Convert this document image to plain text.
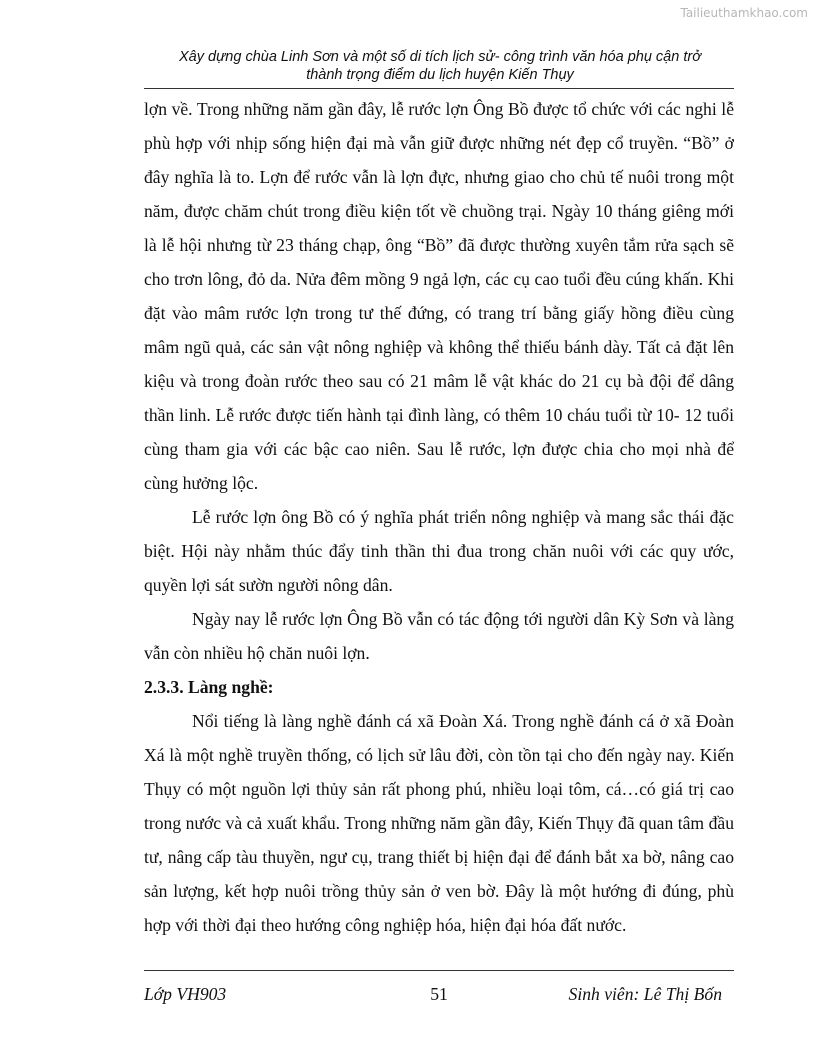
Tailieuthamkhao.com
Xây dựng chùa Linh Sơn và một số di tích lịch sử- công trình văn hóa phụ cận trở
thành trọng điểm du lịch huyện Kiến Thụy

lợn về. Trong những năm gần đây, lễ rước lợn Ông Bồ được tổ chức với các nghi lễ phù hợp với nhịp sống hiện đại mà vẫn giữ được những nét đẹp cổ truyền. “Bồ” ở đây nghĩa là to. Lợn để rước vẫn là lợn đực, nhưng giao cho chủ tế nuôi trong một năm, được chăm chút trong điều kiện tốt về chuồng trại. Ngày 10 tháng giêng mới là lễ hội nhưng từ 23 tháng chạp, ông “Bồ” đã được thường xuyên tắm rửa sạch sẽ cho trơn lông, đỏ da. Nửa đêm mồng 9 ngả lợn, các cụ cao tuổi đều cúng khấn. Khi đặt vào mâm rước lợn trong tư thế đứng, có trang trí bằng giấy hồng điều cùng mâm ngũ quả, các sản vật nông nghiệp và không thể thiếu bánh dày. Tất cả đặt lên kiệu và trong đoàn rước theo sau có 21 mâm lễ vật khác do 21 cụ bà đội để dâng thần linh. Lễ rước được tiến hành tại đình làng, có thêm 10 cháu tuổi từ 10- 12 tuổi cùng tham gia với các bậc cao niên. Sau lễ rước, lợn được chia cho mọi nhà để cùng hưởng lộc.

Lễ rước lợn ông Bồ có ý nghĩa phát triển nông nghiệp và mang sắc thái đặc biệt. Hội này nhằm thúc đẩy tinh thần thi đua trong chăn nuôi với các quy ước, quyền lợi sát sườn người nông dân.

Ngày nay lễ rước lợn Ông Bồ vẫn có tác động tới người dân Kỳ Sơn và làng vẫn còn nhiều hộ chăn nuôi lợn.

2.3.3. Làng nghề:

Nổi tiếng là làng nghề đánh cá xã Đoàn Xá. Trong nghề đánh cá ở xã Đoàn Xá là một nghề truyền thống, có lịch sử lâu đời, còn tồn tại cho đến ngày nay. Kiến Thụy có một nguồn lợi thủy sản rất phong phú, nhiều loại tôm, cá…có giá trị cao trong nước và cả xuất khẩu. Trong những năm gần đây, Kiến Thụy đã quan tâm đầu tư, nâng cấp tàu thuyền, ngư cụ, trang thiết bị hiện đại để đánh bắt xa bờ, nâng cao sản lượng, kết hợp nuôi trồng thủy sản ở ven bờ. Đây là một hướng đi đúng, phù hợp với thời đại theo hướng công nghiệp hóa, hiện đại hóa đất nước.

Lớp VH903	51	Sinh viên: Lê Thị Bốn
